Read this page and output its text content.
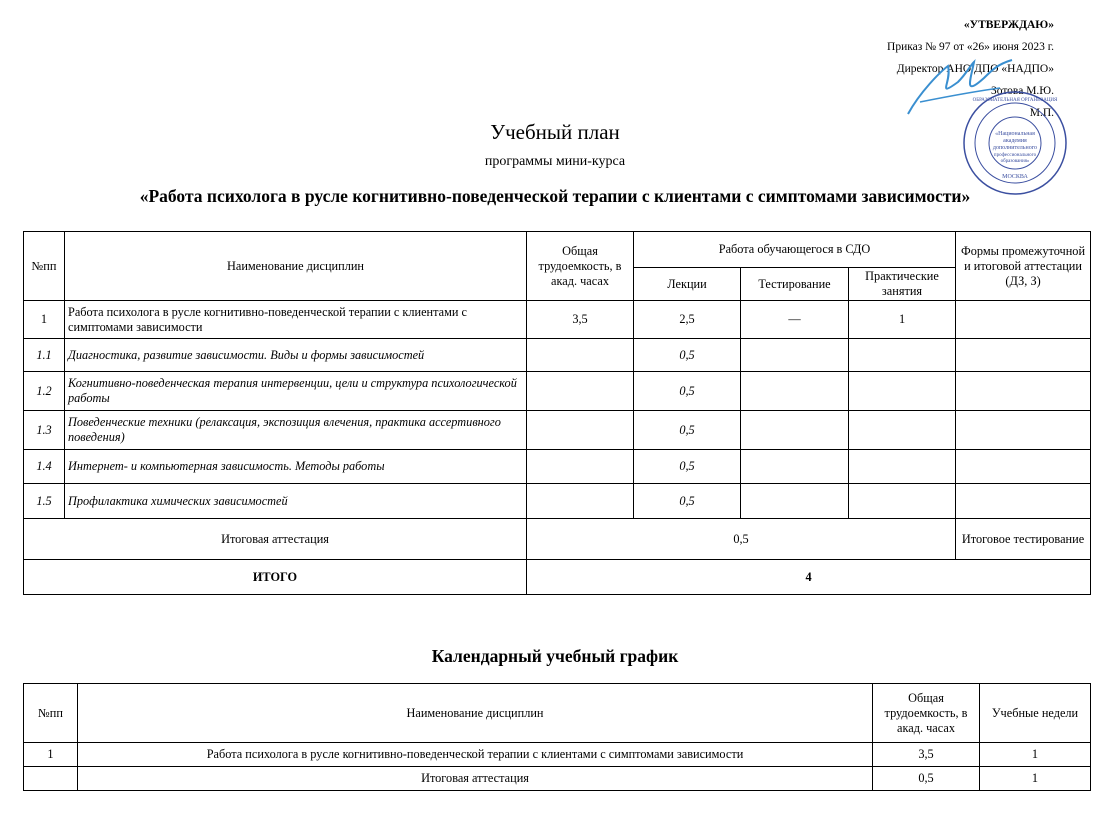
«УТВЕРЖДАЮ»
Приказ № 97 от «26» июня 2023 г.
Директор АНО ДПО «НАДПО»
Зотова М.Ю.
М.П.
«Национальная
академия
дополнительного
профессионального
образования»
МОСКВА
ОБРАЗОВАТЕЛЬНАЯ ОРГАНИЗАЦИЯ
Учебный план
программы мини-курса
«Работа психолога в русле когнитивно-поведенческой терапии с клиентами с симптомами зависимости»
№пп	Наименование дисциплин	Общая трудоемкость, в акад. часах	Работа обучающегося в СДО			Формы промежуточной и итоговой аттестации (ДЗ, З)
			Лекции	Тестирование	Практические занятия	
1	Работа психолога в русле когнитивно-поведенческой терапии с клиентами с симптомами зависимости	3,5	2,5	—	1	
1.1	Диагностика, развитие зависимости. Виды и формы зависимостей		0,5			
1.2	Когнитивно-поведенческая терапия интервенции, цели и структура психологической работы		0,5			
1.3	Поведенческие техники (релаксация, экспозиция влечения, практика ассертивного поведения)		0,5			
1.4	Интернет- и компьютерная зависимость. Методы работы		0,5			
1.5	Профилактика химических зависимостей		0,5			
Итоговая аттестация		0,5				Итоговое тестирование
ИТОГО		4				
Календарный учебный график
№пп	Наименование дисциплин	Общая трудоемкость, в акад. часах	Учебные недели
1	Работа психолога в русле когнитивно-поведенческой терапии с клиентами с симптомами зависимости	3,5	1
	Итоговая аттестация	0,5	1
